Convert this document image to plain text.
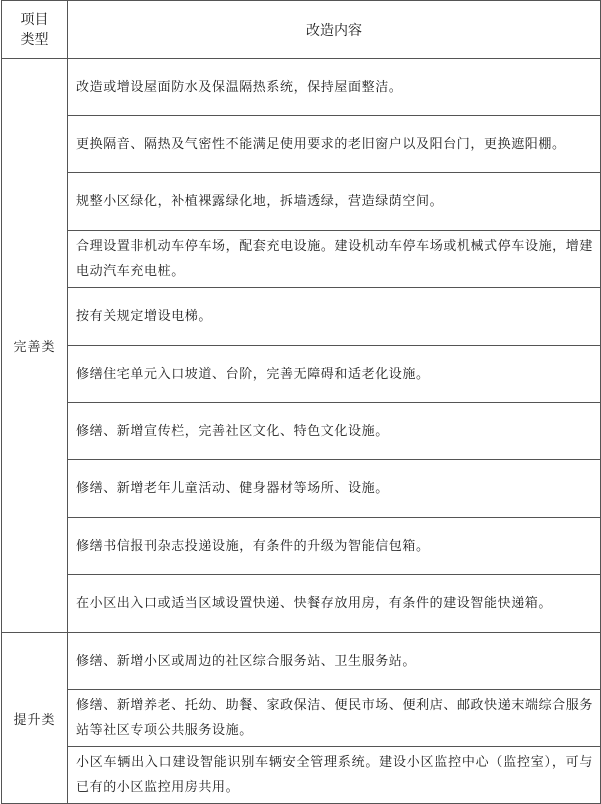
项目
类型	改造内容
完善类	改造或增设屋面防水及保温隔热系统，保持屋面整洁。
	更换隔音、隔热及气密性不能满足使用要求的老旧窗户以及阳台门，更换遮阳棚。
	规整小区绿化，补植裸露绿化地，拆墙透绿，营造绿荫空间。
	合理设置非机动车停车场，配套充电设施。建设机动车停车场或机械式停车设施，增建电动汽车充电桩。
	按有关规定增设电梯。
	修缮住宅单元入口坡道、台阶，完善无障碍和适老化设施。
	修缮、新增宣传栏，完善社区文化、特色文化设施。
	修缮、新增老年儿童活动、健身器材等场所、设施。
	修缮书信报刊杂志投递设施，有条件的升级为智能信包箱。
	在小区出入口或适当区域设置快递、快餐存放用房，有条件的建设智能快递箱。
提升类	修缮、新增小区或周边的社区综合服务站、卫生服务站。
	修缮、新增养老、托幼、助餐、家政保洁、便民市场、便利店、邮政快递末端综合服务站等社区专项公共服务设施。
	小区车辆出入口建设智能识别车辆安全管理系统。建设小区监控中心（监控室），可与已有的小区监控用房共用。
